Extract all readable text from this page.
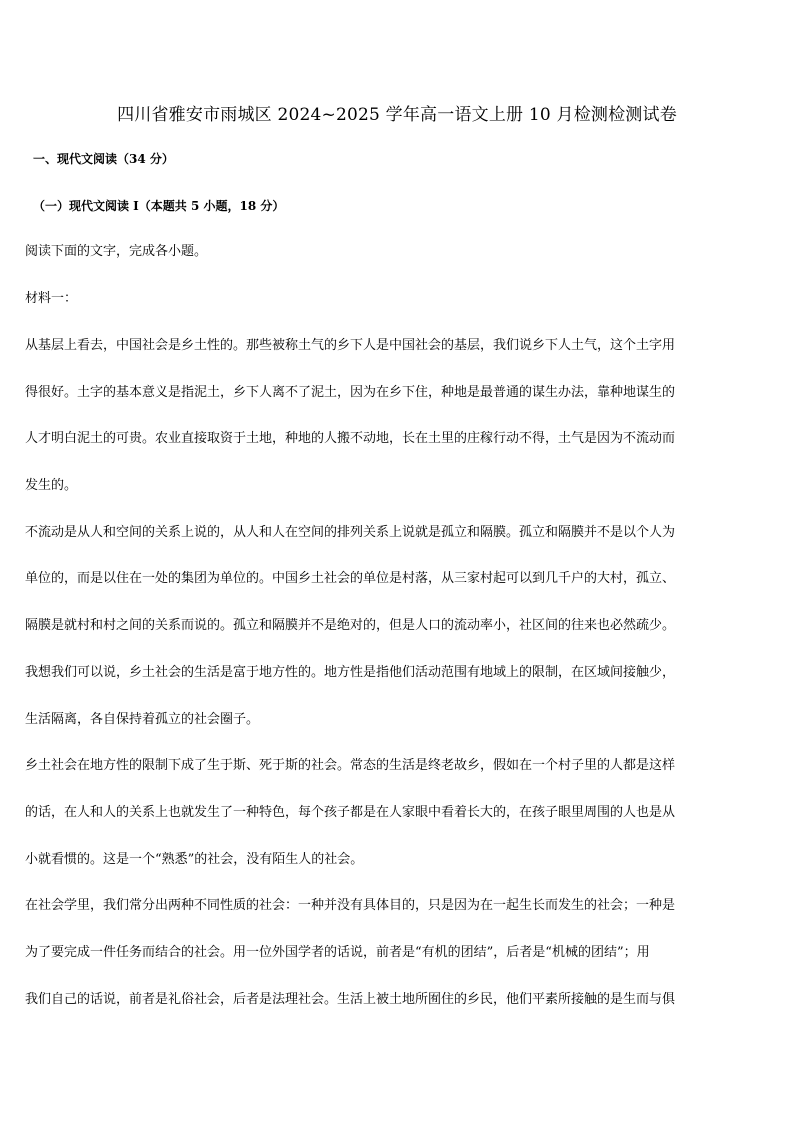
四川省雅安市雨城区 2024~2025 学年高一语文上册 10 月检测检测试卷
一、现代文阅读（34 分）
（一）现代文阅读 I（本题共 5 小题，18 分）
阅读下面的文字，完成各小题。
材料一：
从基层上看去，中国社会是乡土性的。那些被称土气的乡下人是中国社会的基层，我们说乡下人土气，这个土字用
得很好。土字的基本意义是指泥土，乡下人离不了泥土，因为在乡下住，种地是最普通的谋生办法，靠种地谋生的
人才明白泥土的可贵。农业直接取资于土地，种地的人搬不动地，长在土里的庄稼行动不得，土气是因为不流动而
发生的。
不流动是从人和空间的关系上说的，从人和人在空间的排列关系上说就是孤立和隔膜。孤立和隔膜并不是以个人为
单位的，而是以住在一处的集团为单位的。中国乡土社会的单位是村落，从三家村起可以到几千户的大村，孤立、
隔膜是就村和村之间的关系而说的。孤立和隔膜并不是绝对的，但是人口的流动率小，社区间的往来也必然疏少。
我想我们可以说，乡土社会的生活是富于地方性的。地方性是指他们活动范围有地域上的限制，在区域间接触少，
生活隔离，各自保持着孤立的社会圈子。
乡土社会在地方性的限制下成了生于斯、死于斯的社会。常态的生活是终老故乡，假如在一个村子里的人都是这样
的话，在人和人的关系上也就发生了一种特色，每个孩子都是在人家眼中看着长大的，在孩子眼里周围的人也是从
小就看惯的。这是一个“熟悉”的社会，没有陌生人的社会。
在社会学里，我们常分出两种不同性质的社会：一种并没有具体目的，只是因为在一起生长而发生的社会；一种是
为了要完成一件任务而结合的社会。用一位外国学者的话说，前者是“有机的团结”，后者是“机械的团结”；用
我们自己的话说，前者是礼俗社会，后者是法理社会。生活上被土地所囿住的乡民，他们平素所接触的是生而与俱
